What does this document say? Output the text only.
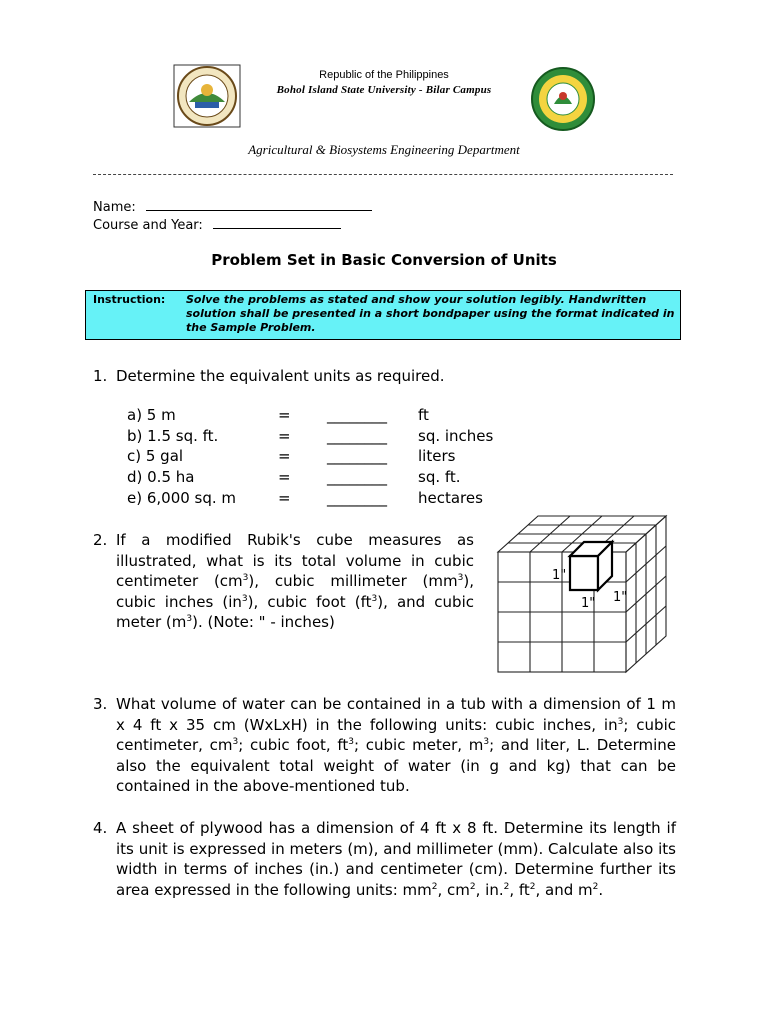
Republic of the Philippines
Bohol Island State University - Bilar Campus
Agricultural & Biosystems Engineering Department
Name:
Course and Year:
Problem Set in Basic Conversion of Units
Instruction: Solve the problems as stated and show your solution legibly. Handwritten solution shall be presented in a short bondpaper using the format indicated in the Sample Problem.
1. Determine the equivalent units as required.
a) 5 m	= ________ ft
b) 1.5 sq. ft.	= ________ sq. inches
c) 5 gal	= ________ liters
d) 0.5 ha	= ________ sq. ft.
e) 6,000 sq. m	= ________ hectares
2. If a modified Rubik's cube measures as
illustrated, what is its total volume in cubic
centimeter $(cm^3)$, cubic millimeter $(mm^3)$,
cubic inches $(in^3)$, cubic foot $(ft^3)$, and cubic
meter $(m^3)$. (Note: " - inches)
1"
1" 1"
3. What volume of water can be contained in a tub with a dimension of 1 m x 4 ft x 35 cm (WxLxH) in the following units: cubic inches, $in^3$; cubic centimeter, $cm^3$; cubic foot, $ft^3$; cubic meter, $m^3$; and liter, L. Determine also the equivalent total weight of water (in g and kg) that can be contained in the above-mentioned tub.
4. A sheet of plywood has a dimension of 4 ft x 8 ft. Determine its length if its unit is expressed in meters (m), and millimeter (mm). Calculate also its width in terms of inches (in.) and centimeter (cm). Determine further its area expressed in the following units: $mm^2$, $cm^2$, in.$^2$, $ft^2$, and $m^2$.
